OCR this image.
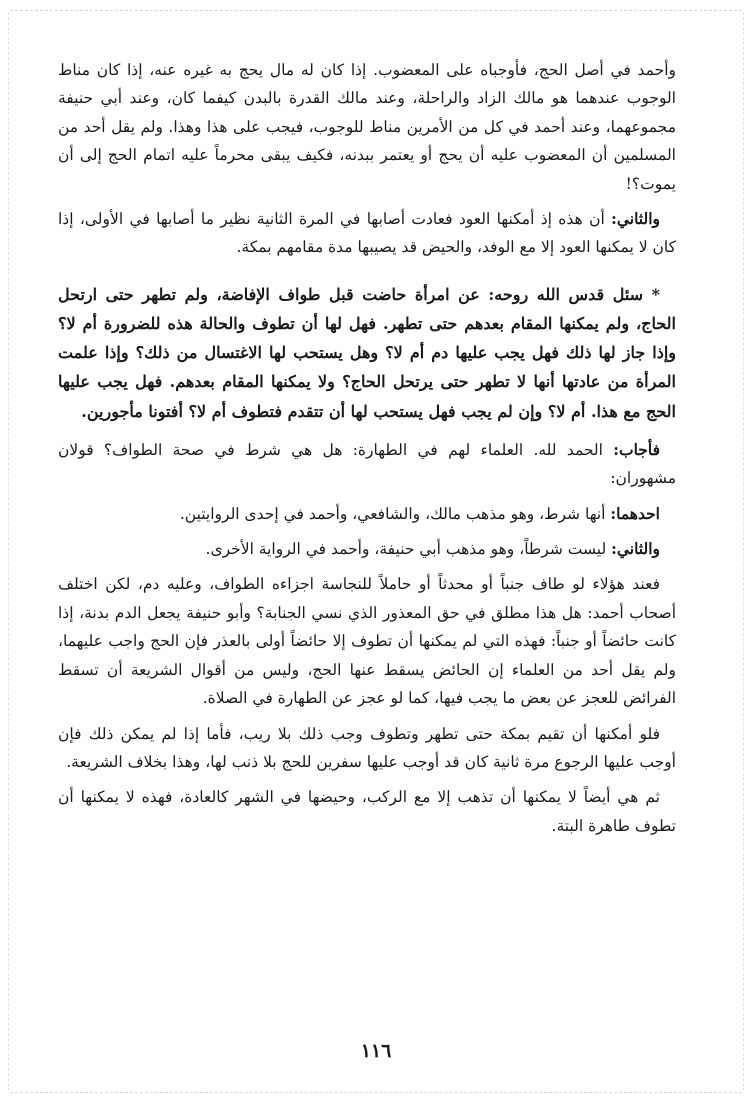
وأحمد في أصل الحج، فأوجباه على المعضوب. إذا كان له مال يحج به غيره عنه، إذا كان مناط الوجوب عندهما هو مالك الزاد والراحلة، وعند مالك القدرة بالبدن كيفما كان، وعند أبي حنيفة مجموعهما، وعند أحمد في كل من الأمرين مناط للوجوب، فيجب على هذا وهذا. ولم يقل أحد من المسلمين أن المعضوب عليه أن يحج أو يعتمر ببدنه، فكيف يبقى محرماً عليه اتمام الحج إلى أن يموت؟!

والثاني: أن هذه إذ أمكنها العود فعادت أصابها في المرة الثانية نظير ما أصابها في الأولى، إذا كان لا يمكنها العود إلا مع الوفد، والحيض قد يصيبها مدة مقامهم بمكة.

* سئل قدس الله روحه: عن امرأة حاضت قبل طواف الإفاضة، ولم تطهر حتى ارتحل الحاج، ولم يمكنها المقام بعدهم حتى تطهر. فهل لها أن تطوف والحالة هذه للضرورة أم لا؟ وإذا جاز لها ذلك فهل يجب عليها دم أم لا؟ وهل يستحب لها الاغتسال من ذلك؟ وإذا علمت المرأة من عادتها أنها لا تطهر حتى يرتحل الحاج؟ ولا يمكنها المقام بعدهم. فهل يجب عليها الحج مع هذا. أم لا؟ وإن لم يجب فهل يستحب لها أن تتقدم فتطوف أم لا؟ أفتونا مأجورين.

فأجاب: الحمد لله. العلماء لهم في الطهارة: هل هي شرط في صحة الطواف؟ قولان مشهوران:

احدهما: أنها شرط، وهو مذهب مالك، والشافعي، وأحمد في إحدى الروايتين.

والثاني: ليست شرطاً، وهو مذهب أبي حنيفة، وأحمد في الرواية الأخرى.

فعند هؤلاء لو طاف جنباً أو محدثاً أو حاملاً للنجاسة اجزاءه الطواف، وعليه دم، لكن اختلف أصحاب أحمد: هل هذا مطلق في حق المعذور الذي نسي الجنابة؟ وأبو حنيفة يجعل الدم بدنة، إذا كانت حائضاً أو جنباً: فهذه التي لم يمكنها أن تطوف إلا حائضاً أولى بالعذر فإن الحج واجب عليهما، ولم يقل أحد من العلماء إن الحائض يسقط عنها الحج، وليس من أقوال الشريعة أن تسقط الفرائض للعجز عن بعض ما يجب فيها، كما لو عجز عن الطهارة في الصلاة.

فلو أمكنها أن تقيم بمكة حتى تطهر وتطوف وجب ذلك بلا ريب، فأما إذا لم يمكن ذلك فإن أوجب عليها الرجوع مرة ثانية كان قد أوجب عليها سفرين للحج بلا ذنب لها، وهذا بخلاف الشريعة.

ثم هي أيضاً لا يمكنها أن تذهب إلا مع الركب، وحيضها في الشهر كالعادة، فهذه لا يمكنها أن تطوف طاهرة البتة.

١١٦
